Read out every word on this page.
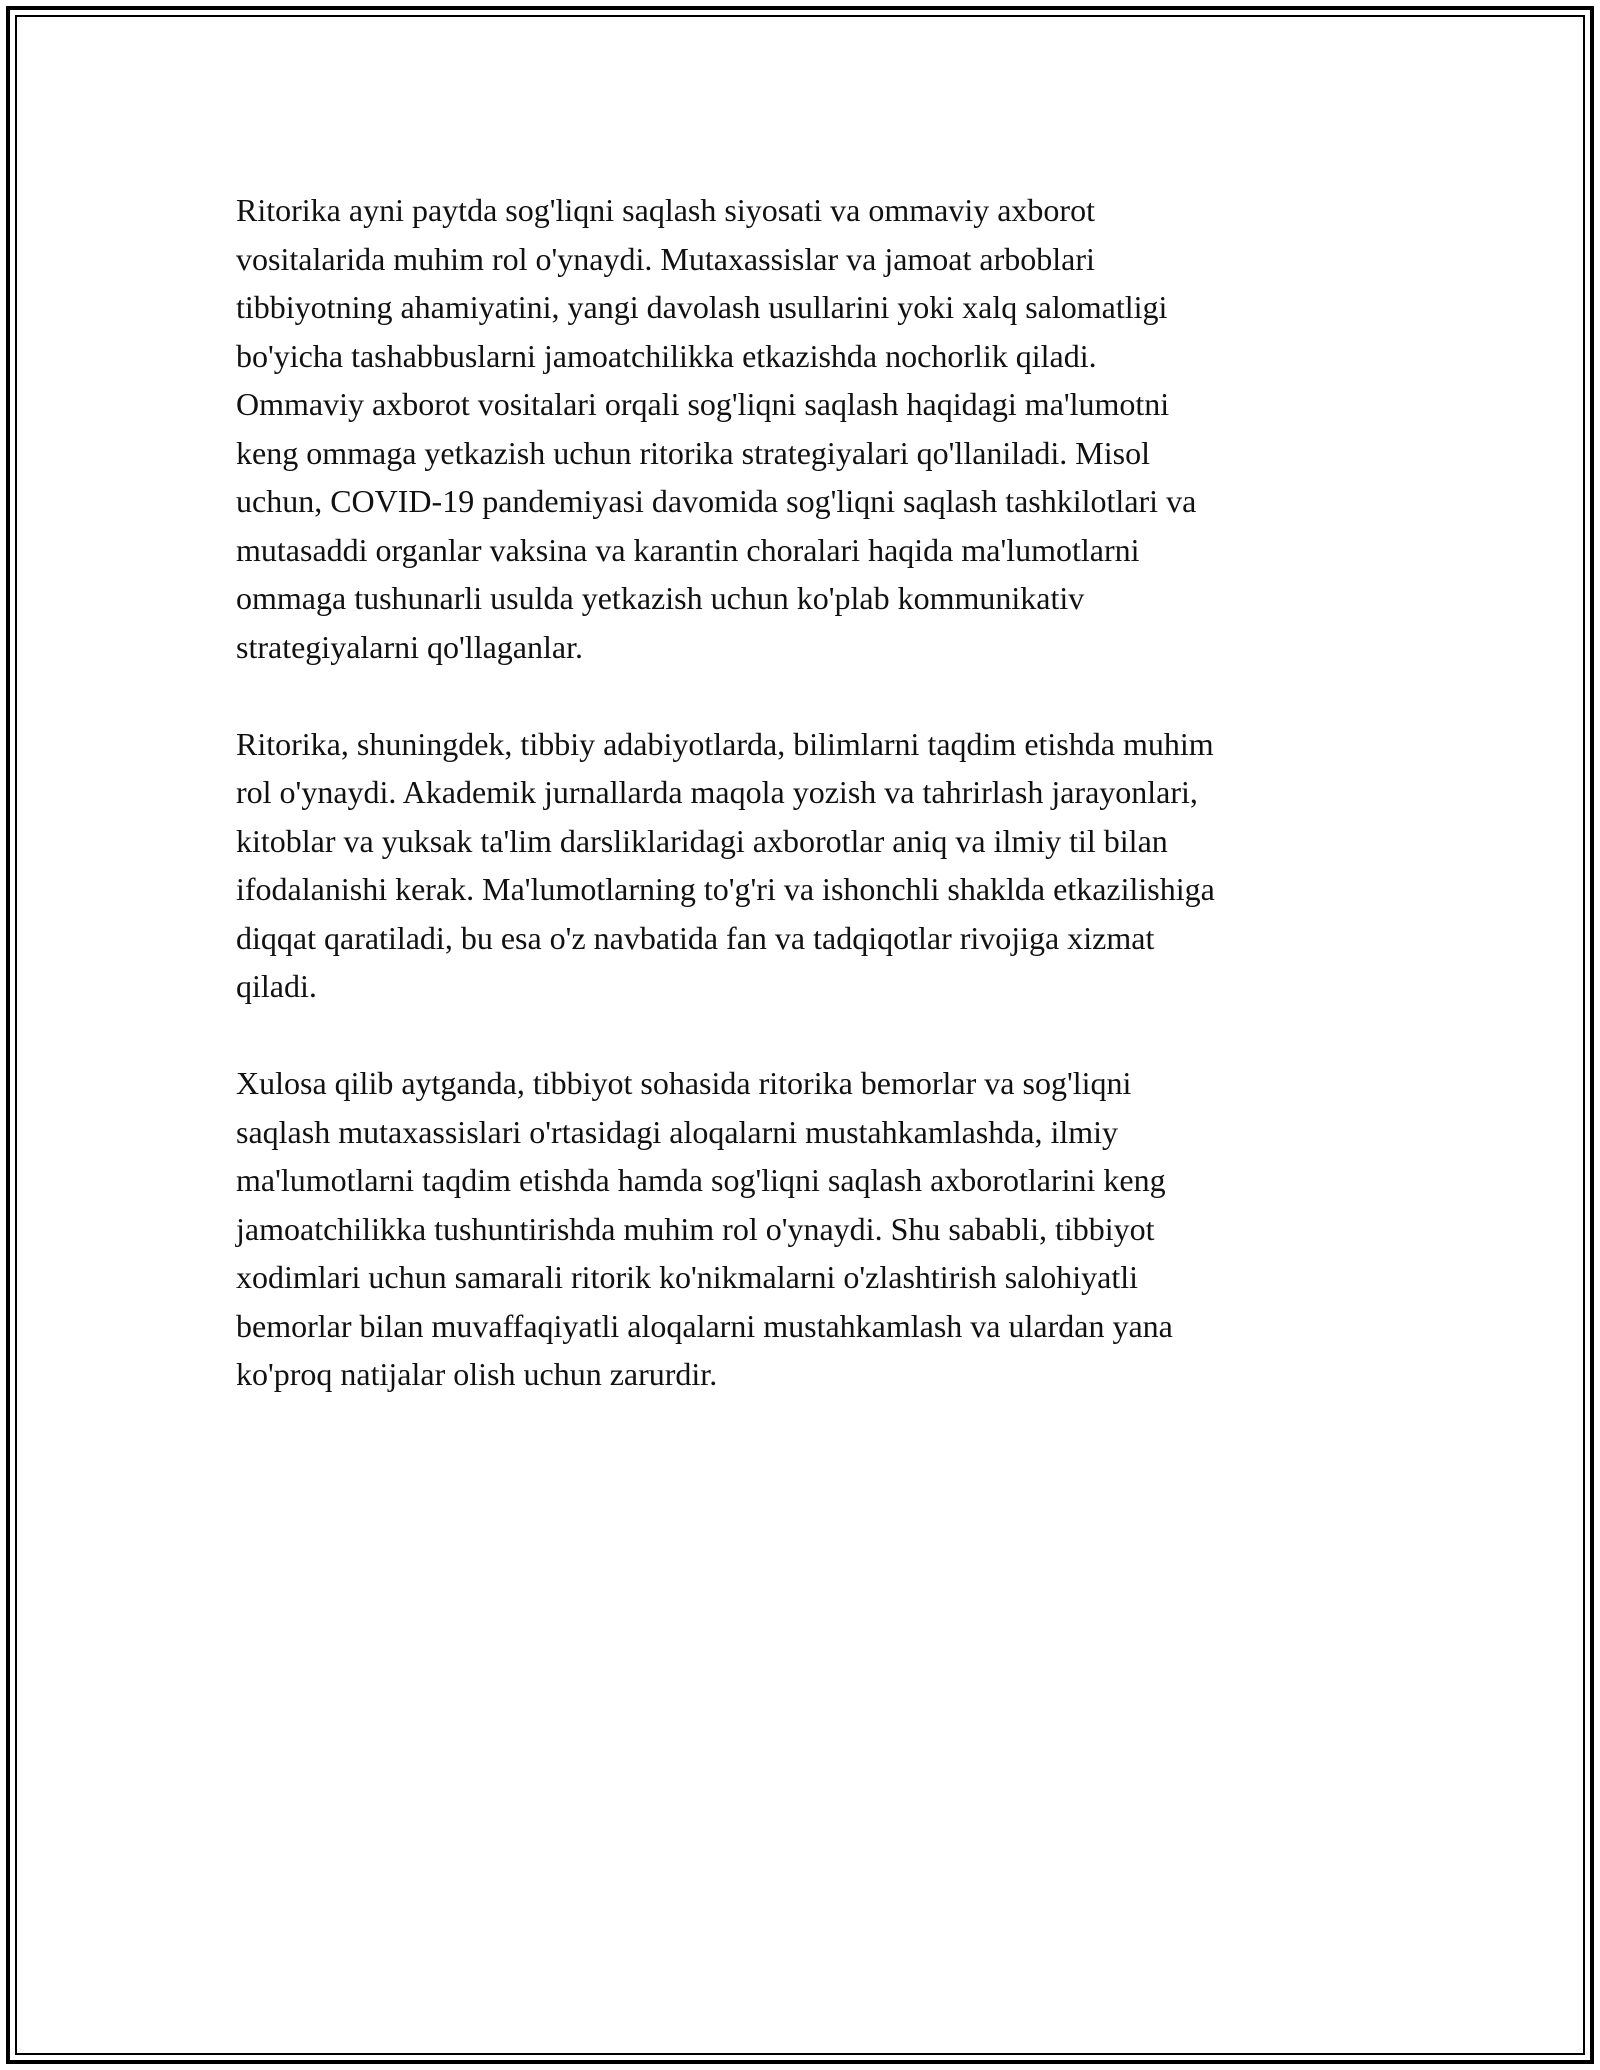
Ritorika ayni paytda sog'liqni saqlash siyosati va ommaviy axborot
vositalarida muhim rol o'ynaydi. Mutaxassislar va jamoat arboblari
tibbiyotning ahamiyatini, yangi davolash usullarini yoki xalq salomatligi
bo'yicha tashabbuslarni jamoatchilikka etkazishda nochorlik qiladi.
Ommaviy axborot vositalari orqali sog'liqni saqlash haqidagi ma'lumotni
keng ommaga yetkazish uchun ritorika strategiyalari qo'llaniladi. Misol
uchun, COVID-19 pandemiyasi davomida sog'liqni saqlash tashkilotlari va
mutasaddi organlar vaksina va karantin choralari haqida ma'lumotlarni
ommaga tushunarli usulda yetkazish uchun ko'plab kommunikativ
strategiyalarni qo'llaganlar.

Ritorika, shuningdek, tibbiy adabiyotlarda, bilimlarni taqdim etishda muhim
rol o'ynaydi. Akademik jurnallarda maqola yozish va tahrirlash jarayonlari,
kitoblar va yuksak ta'lim darsliklaridagi axborotlar aniq va ilmiy til bilan
ifodalanishi kerak. Ma'lumotlarning to'g'ri va ishonchli shaklda etkazilishiga
diqqat qaratiladi, bu esa o'z navbatida fan va tadqiqotlar rivojiga xizmat
qiladi.

Xulosa qilib aytganda, tibbiyot sohasida ritorika bemorlar va sog'liqni
saqlash mutaxassislari o'rtasidagi aloqalarni mustahkamlashda, ilmiy
ma'lumotlarni taqdim etishda hamda sog'liqni saqlash axborotlarini keng
jamoatchilikka tushuntirishda muhim rol o'ynaydi. Shu sababli, tibbiyot
xodimlari uchun samarali ritorik ko'nikmalarni o'zlashtirish salohiyatli
bemorlar bilan muvaffaqiyatli aloqalarni mustahkamlash va ulardan yana
ko'proq natijalar olish uchun zarurdir.
